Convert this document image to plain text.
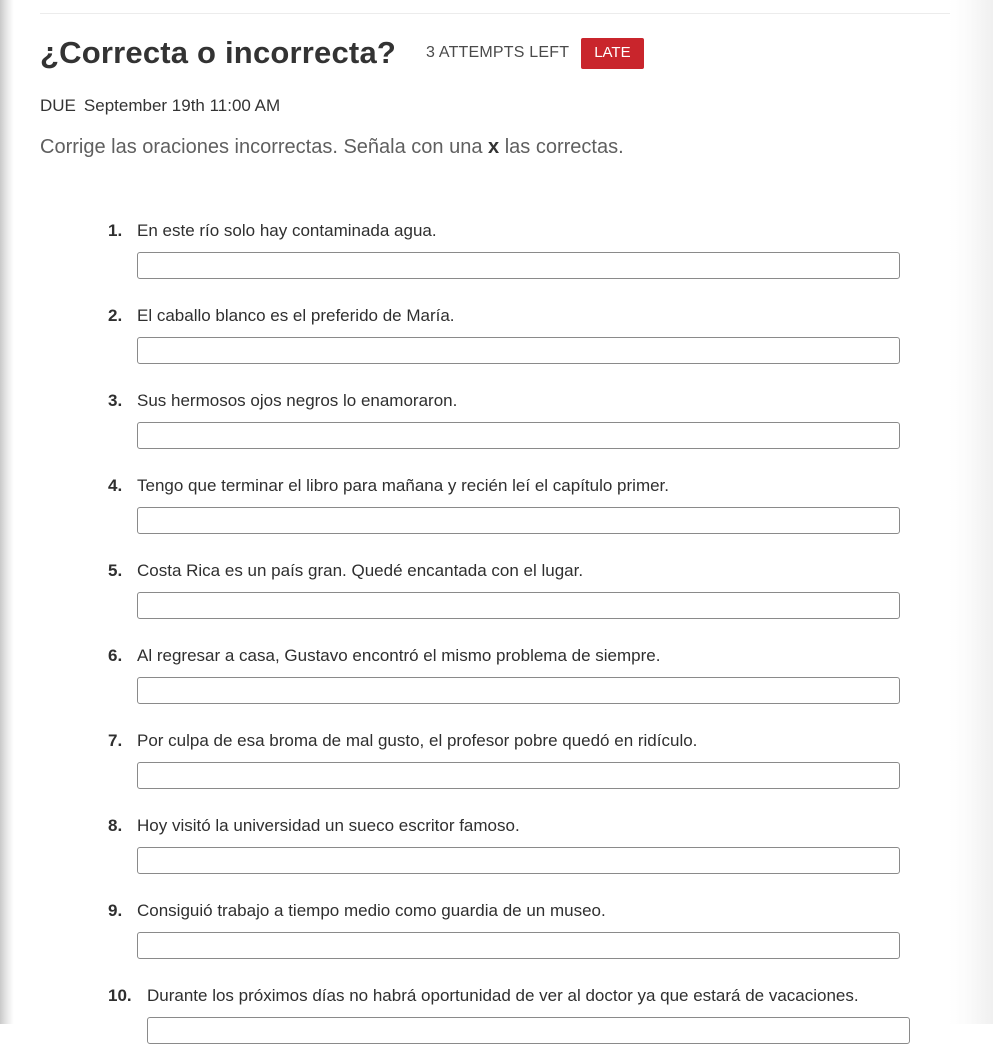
¿Correcta o incorrecta? 3 ATTEMPTS LEFT	LATE
DUE September 19th 11:00 AM
Corrige las oraciones incorrectas. Señala con una x las correctas.
1. En este río solo hay contaminada agua.
2. El caballo blanco es el preferido de María.
3. Sus hermosos ojos negros lo enamoraron.
4. Tengo que terminar el libro para mañana y recién leí el capítulo primer.
5. Costa Rica es un país gran. Quedé encantada con el lugar.
6. Al regresar a casa, Gustavo encontró el mismo problema de siempre.
7. Por culpa de esa broma de mal gusto, el profesor pobre quedó en ridículo.
8. Hoy visitó la universidad un sueco escritor famoso.
9. Consiguió trabajo a tiempo medio como guardia de un museo.
10. Durante los próximos días no habrá oportunidad de ver al doctor ya que estará de vacaciones.
